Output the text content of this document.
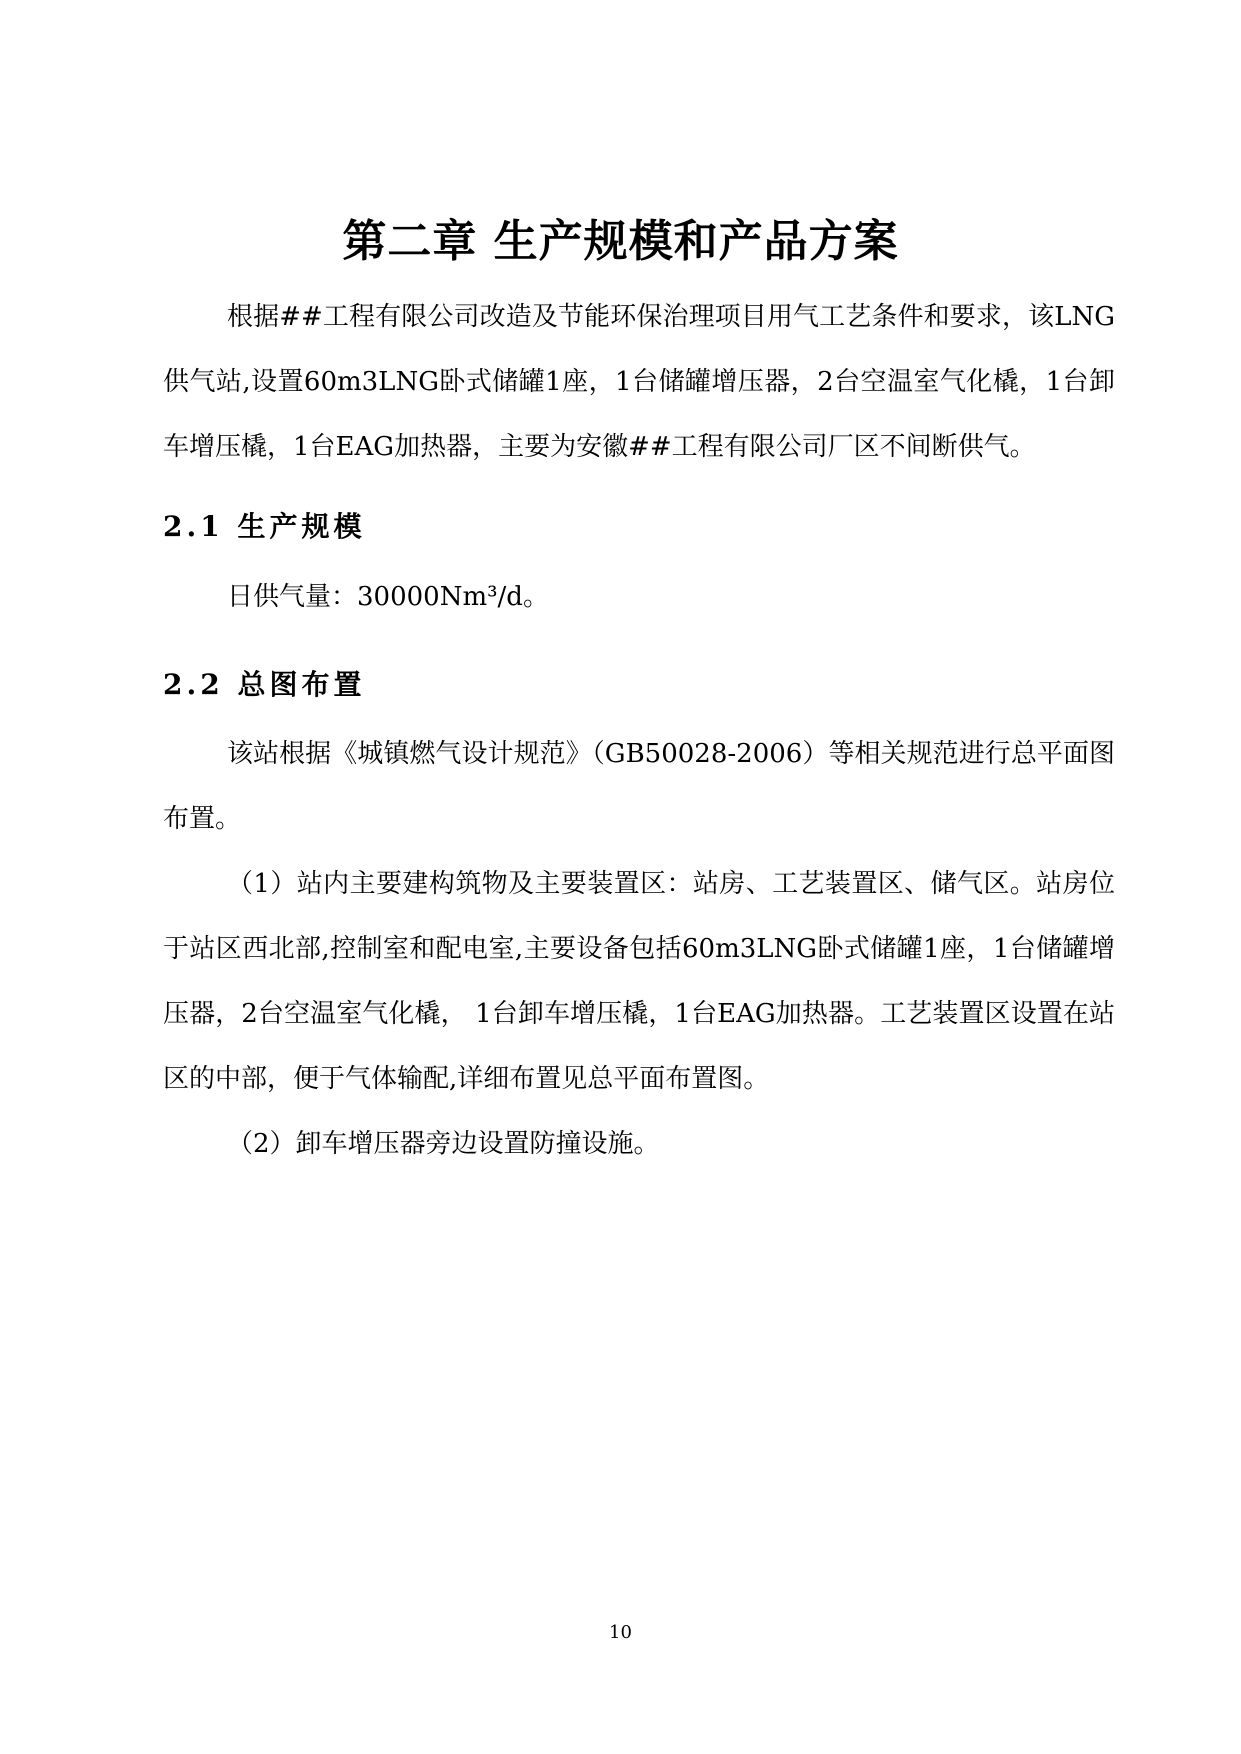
第二章 生产规模和产品方案

根据##工程有限公司改造及节能环保治理项目用气工艺条件和要求，该LNG供气站,设置60m3LNG卧式储罐1座，1台储罐增压器，2台空温室气化橇，1台卸车增压橇，1台EAG加热器，主要为安徽##工程有限公司厂区不间断供气。

2.1 生产规模

日供气量：30000Nm³/d。

2.2 总图布置

该站根据《城镇燃气设计规范》（GB50028-2006）等相关规范进行总平面图布置。

（1）站内主要建构筑物及主要装置区：站房、工艺装置区、储气区。站房位于站区西北部,控制室和配电室,主要设备包括60m3LNG卧式储罐1座，1台储罐增压器，2台空温室气化橇， 1台卸车增压橇，1台EAG加热器。工艺装置区设置在站区的中部，便于气体输配,详细布置见总平面布置图。

（2）卸车增压器旁边设置防撞设施。

10
